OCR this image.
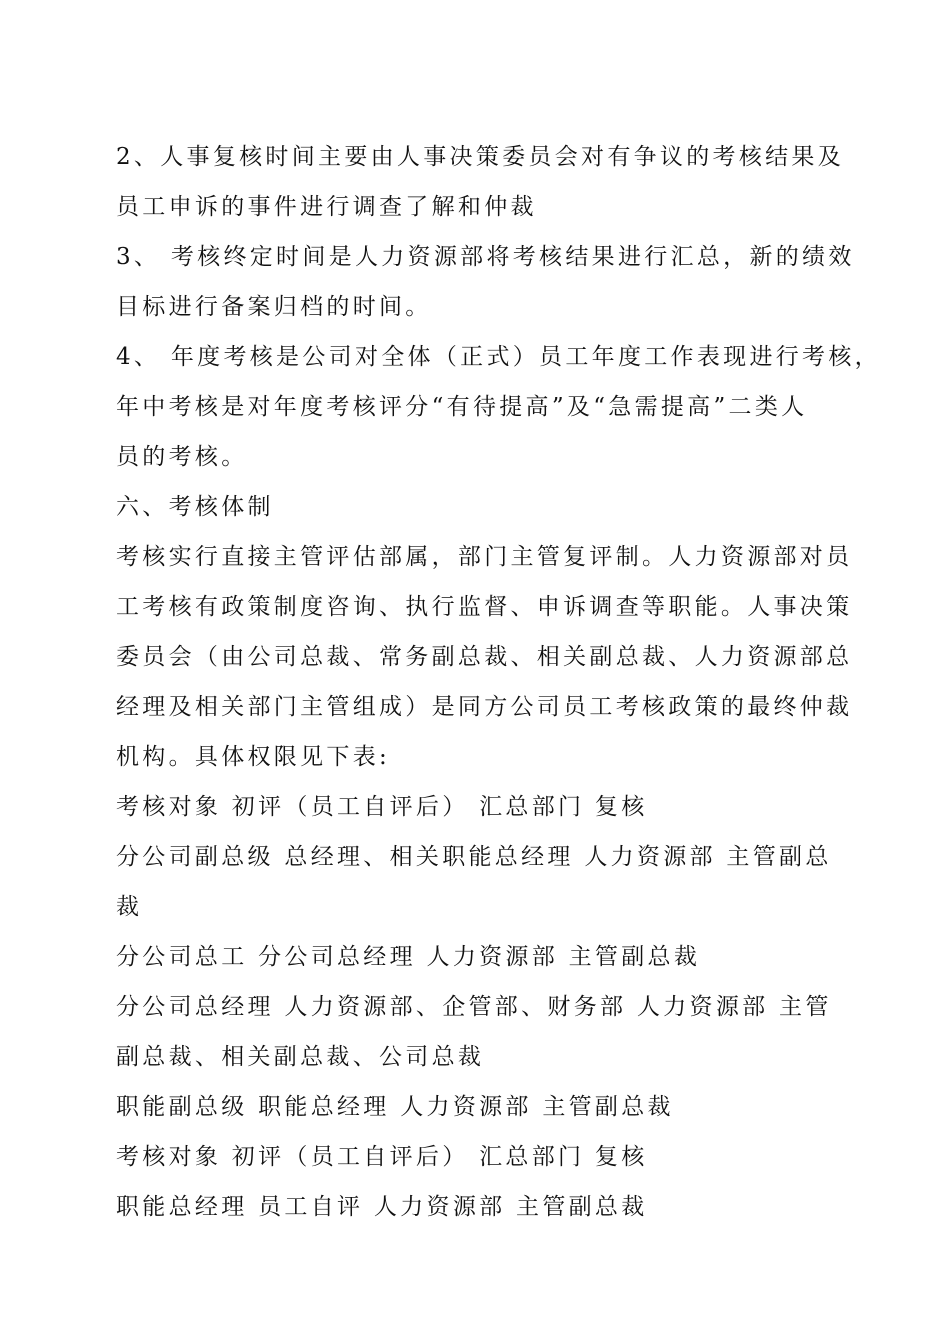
2、人事复核时间主要由人事决策委员会对有争议的考核结果及
员工申诉的事件进行调查了解和仲裁
3、 考核终定时间是人力资源部将考核结果进行汇总，新的绩效
目标进行备案归档的时间。
4、 年度考核是公司对全体（正式）员工年度工作表现进行考核，
年中考核是对年度考核评分“有待提高”及“急需提高”二类人
员的考核。
六、考核体制
考核实行直接主管评估部属，部门主管复评制。人力资源部对员
工考核有政策制度咨询、执行监督、申诉调查等职能。人事决策
委员会（由公司总裁、常务副总裁、相关副总裁、人力资源部总
经理及相关部门主管组成）是同方公司员工考核政策的最终仲裁
机构。具体权限见下表:
考核对象 初评（员工自评后） 汇总部门 复核
分公司副总级 总经理、相关职能总经理 人力资源部 主管副总
裁
分公司总工 分公司总经理 人力资源部 主管副总裁
分公司总经理 人力资源部、企管部、财务部 人力资源部 主管
副总裁、相关副总裁、公司总裁
职能副总级 职能总经理 人力资源部 主管副总裁
考核对象 初评（员工自评后） 汇总部门 复核
职能总经理 员工自评 人力资源部 主管副总裁
